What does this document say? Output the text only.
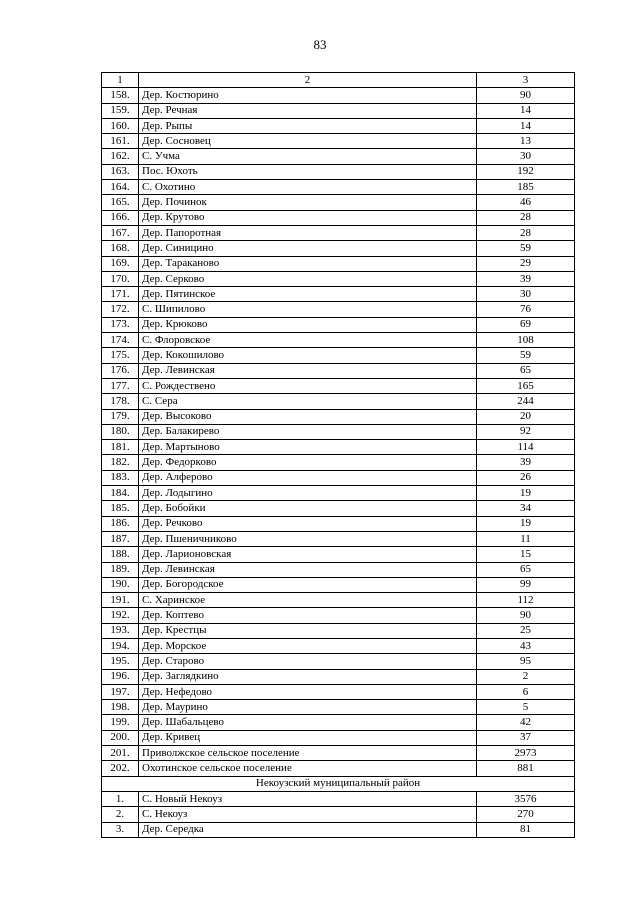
83
1	2	3
158.	Дер. Костюрино	90
159.	Дер. Речная	14
160.	Дер. Рыпы	14
161.	Дер. Сосновец	13
162.	С. Учма	30
163.	Пос. Юхоть	192
164.	С. Охотино	185
165.	Дер. Починок	46
166.	Дер. Крутово	28
167.	Дер. Папоротная	28
168.	Дер. Синицино	59
169.	Дер. Тараканово	29
170.	Дер. Серково	39
171.	Дер. Пятинское	30
172.	С. Шипилово	76
173.	Дер. Крюково	69
174.	С. Флоровское	108
175.	Дер. Кокошилово	59
176.	Дер. Левинская	65
177.	С. Рождествено	165
178.	С. Сера	244
179.	Дер. Высоково	20
180.	Дер. Балакирево	92
181.	Дер. Мартыново	114
182.	Дер. Федорково	39
183.	Дер. Алферово	26
184.	Дер. Лодыгино	19
185.	Дер. Бобойки	34
186.	Дер. Речково	19
187.	Дер. Пшеничниково	11
188.	Дер. Ларионовская	15
189.	Дер. Левинская	65
190.	Дер. Богородское	99
191.	С. Харинское	112
192.	Дер. Коптево	90
193.	Дер. Крестцы	25
194.	Дер. Морское	43
195.	Дер. Старово	95
196.	Дер. Заглядкино	2
197.	Дер. Нефедово	6
198.	Дер. Маурино	5
199.	Дер. Шабальцево	42
200.	Дер. Кривец	37
201.	Приволжское сельское поселение	2973
202.	Охотинское сельское поселение	881
Некоузский муниципальный район		
1.	С. Новый Некоуз	3576
2.	С. Некоуз	270
3.	Дер. Середка	81
